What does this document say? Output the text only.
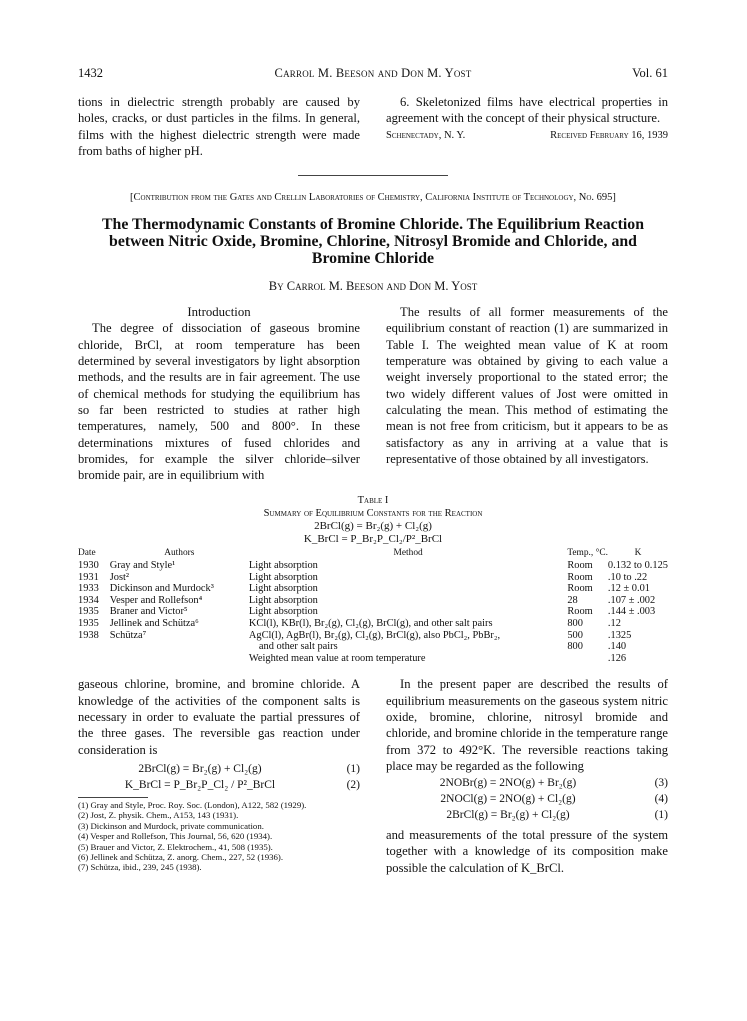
1432	Carrol M. Beeson and Don M. Yost	Vol. 61

tions in dielectric strength probably are caused by holes, cracks, or dust particles in the films. In general, films with the highest dielectric strength were made from baths of higher pH.

6. Skeletonized films have electrical properties in agreement with the concept of their physical structure.

Schenectady, N. Y.	Received February 16, 1939
[Contribution from the Gates and Crellin Laboratories of Chemistry, California Institute of Technology, No. 695]
The Thermodynamic Constants of Bromine Chloride. The Equilibrium Reaction between Nitric Oxide, Bromine, Chlorine, Nitrosyl Bromide and Chloride, and Bromine Chloride
By Carrol M. Beeson and Don M. Yost
Introduction

The degree of dissociation of gaseous bromine chloride, BrCl, at room temperature has been determined by several investigators by light absorption methods, and the results are in fair agreement. The use of chemical methods for studying the equilibrium has so far been restricted to studies at rather high temperatures, namely, 500 and 800°. In these determinations mixtures of fused chlorides and bromides, for example the silver chloride–silver bromide pair, are in equilibrium with

The results of all former measurements of the equilibrium constant of reaction (1) are summarized in Table I. The weighted mean value of K at room temperature was obtained by giving to each value a weight inversely proportional to the stated error; the two widely different values of Jost were omitted in calculating the mean. This method of estimating the mean is not free from criticism, but it appears to be as satisfactory as any in arriving at a value that is representative of those obtained by all investigators.

Table I
Summary of Equilibrium Constants for the Reaction
2BrCl(g) = Br₂(g) + Cl₂(g)
K_BrCl = P_Br₂P_Cl₂/P²_BrCl
Date	Authors	Method	Temp., °C.	K
1930	Gray and Style¹	Light absorption	Room	0.132 to 0.125
1931	Jost²	Light absorption	Room	.10 to .22
1933	Dickinson and Murdock³	Light absorption	Room	.12 ± 0.01
1934	Vesper and Rollefson⁴	Light absorption	28	.107 ± .002
1935	Braner and Victor⁵	Light absorption	Room	.144 ± .003
1935	Jellinek and Schütza⁶	KCl(l), KBr(l), Br₂(g), Cl₂(g), BrCl(g), and other salt pairs	800	.12
1938	Schütza⁷	AgCl(l), AgBr(l), Br₂(g), Cl₂(g), BrCl(g), also PbCl₂, PbBr₂,	500	.1325
		and other salt pairs	800	.140
		Weighted mean value at room temperature		.126

gaseous chlorine, bromine, and bromine chloride. A knowledge of the activities of the component salts is necessary in order to evaluate the partial pressures of the three gases. The reversible gas reaction under consideration is

2BrCl(g) = Br₂(g) + Cl₂(g)	(1)
K_BrCl = P_Br₂P_Cl₂ / P²_BrCl	(2)
(1) Gray and Style, Proc. Roy. Soc. (London), A122, 582 (1929).
(2) Jost, Z. physik. Chem., A153, 143 (1931).
(3) Dickinson and Murdock, private communication.
(4) Vesper and Rollefson, This Journal, 56, 620 (1934).
(5) Brauer and Victor, Z. Elektrochem., 41, 508 (1935).
(6) Jellinek and Schütza, Z. anorg. Chem., 227, 52 (1936).
(7) Schütza, ibid., 239, 245 (1938).

In the present paper are described the results of equilibrium measurements on the gaseous system nitric oxide, bromine, chlorine, nitrosyl bromide and chloride, and bromine chloride in the temperature range from 372 to 492°K. The reversible reactions taking place may be regarded as the following

2NOBr(g) = 2NO(g) + Br₂(g)	(3)
2NOCl(g) = 2NO(g) + Cl₂(g)	(4)
2BrCl(g) = Br₂(g) + Cl₂(g)	(1)

and measurements of the total pressure of the system together with a knowledge of its composition make possible the calculation of K_BrCl.
